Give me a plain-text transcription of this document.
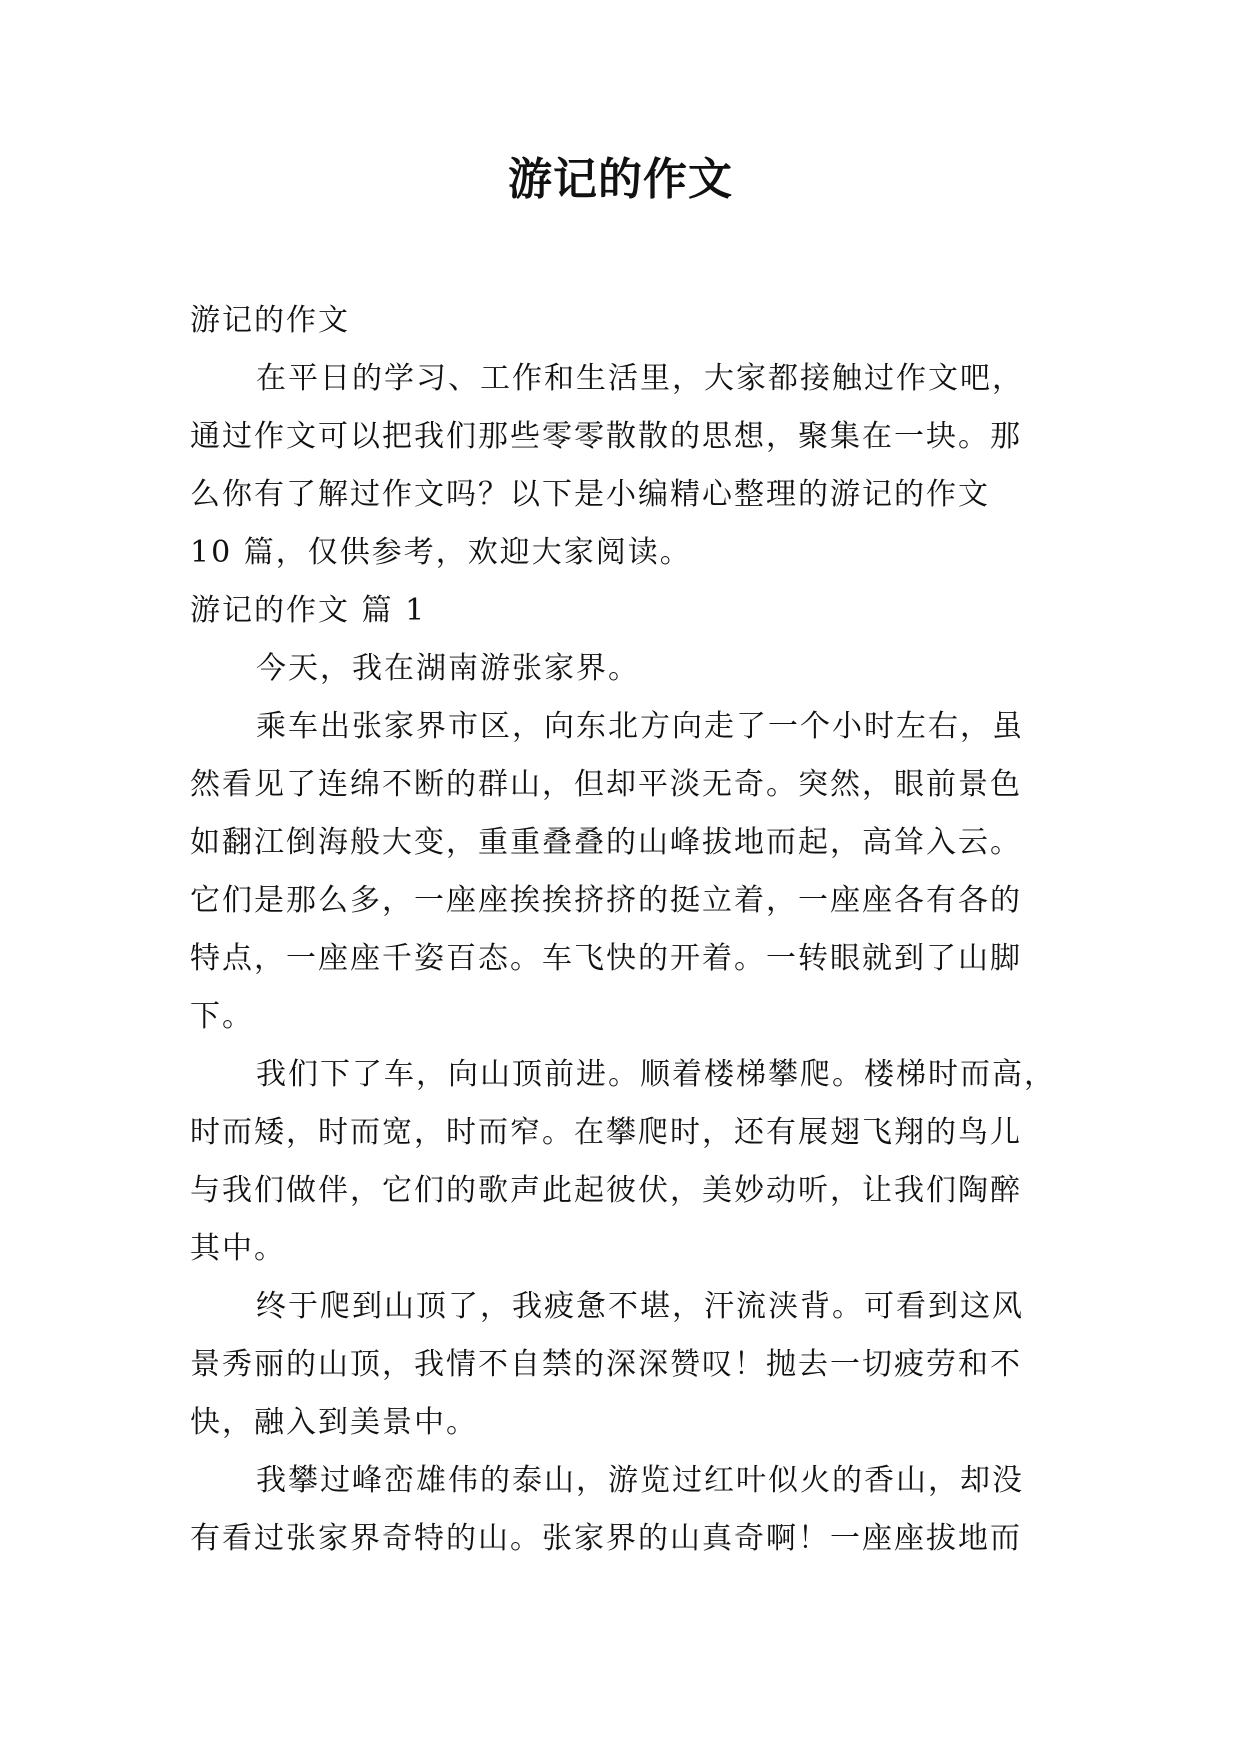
游记的作文
游记的作文
在平日的学习、工作和生活里，大家都接触过作文吧，
通过作文可以把我们那些零零散散的思想，聚集在一块。那
么你有了解过作文吗？以下是小编精心整理的游记的作文
10 篇，仅供参考，欢迎大家阅读。
游记的作文 篇 1
今天，我在湖南游张家界。
乘车出张家界市区，向东北方向走了一个小时左右，虽
然看见了连绵不断的群山，但却平淡无奇。突然，眼前景色
如翻江倒海般大变，重重叠叠的山峰拔地而起，高耸入云。
它们是那么多，一座座挨挨挤挤的挺立着，一座座各有各的
特点，一座座千姿百态。车飞快的开着。一转眼就到了山脚
下。
我们下了车，向山顶前进。顺着楼梯攀爬。楼梯时而高，
时而矮，时而宽，时而窄。在攀爬时，还有展翅飞翔的鸟儿
与我们做伴，它们的歌声此起彼伏，美妙动听，让我们陶醉
其中。
终于爬到山顶了，我疲惫不堪，汗流浃背。可看到这风
景秀丽的山顶，我情不自禁的深深赞叹！抛去一切疲劳和不
快，融入到美景中。
我攀过峰峦雄伟的泰山，游览过红叶似火的香山，却没
有看过张家界奇特的山。张家界的山真奇啊！一座座拔地而
